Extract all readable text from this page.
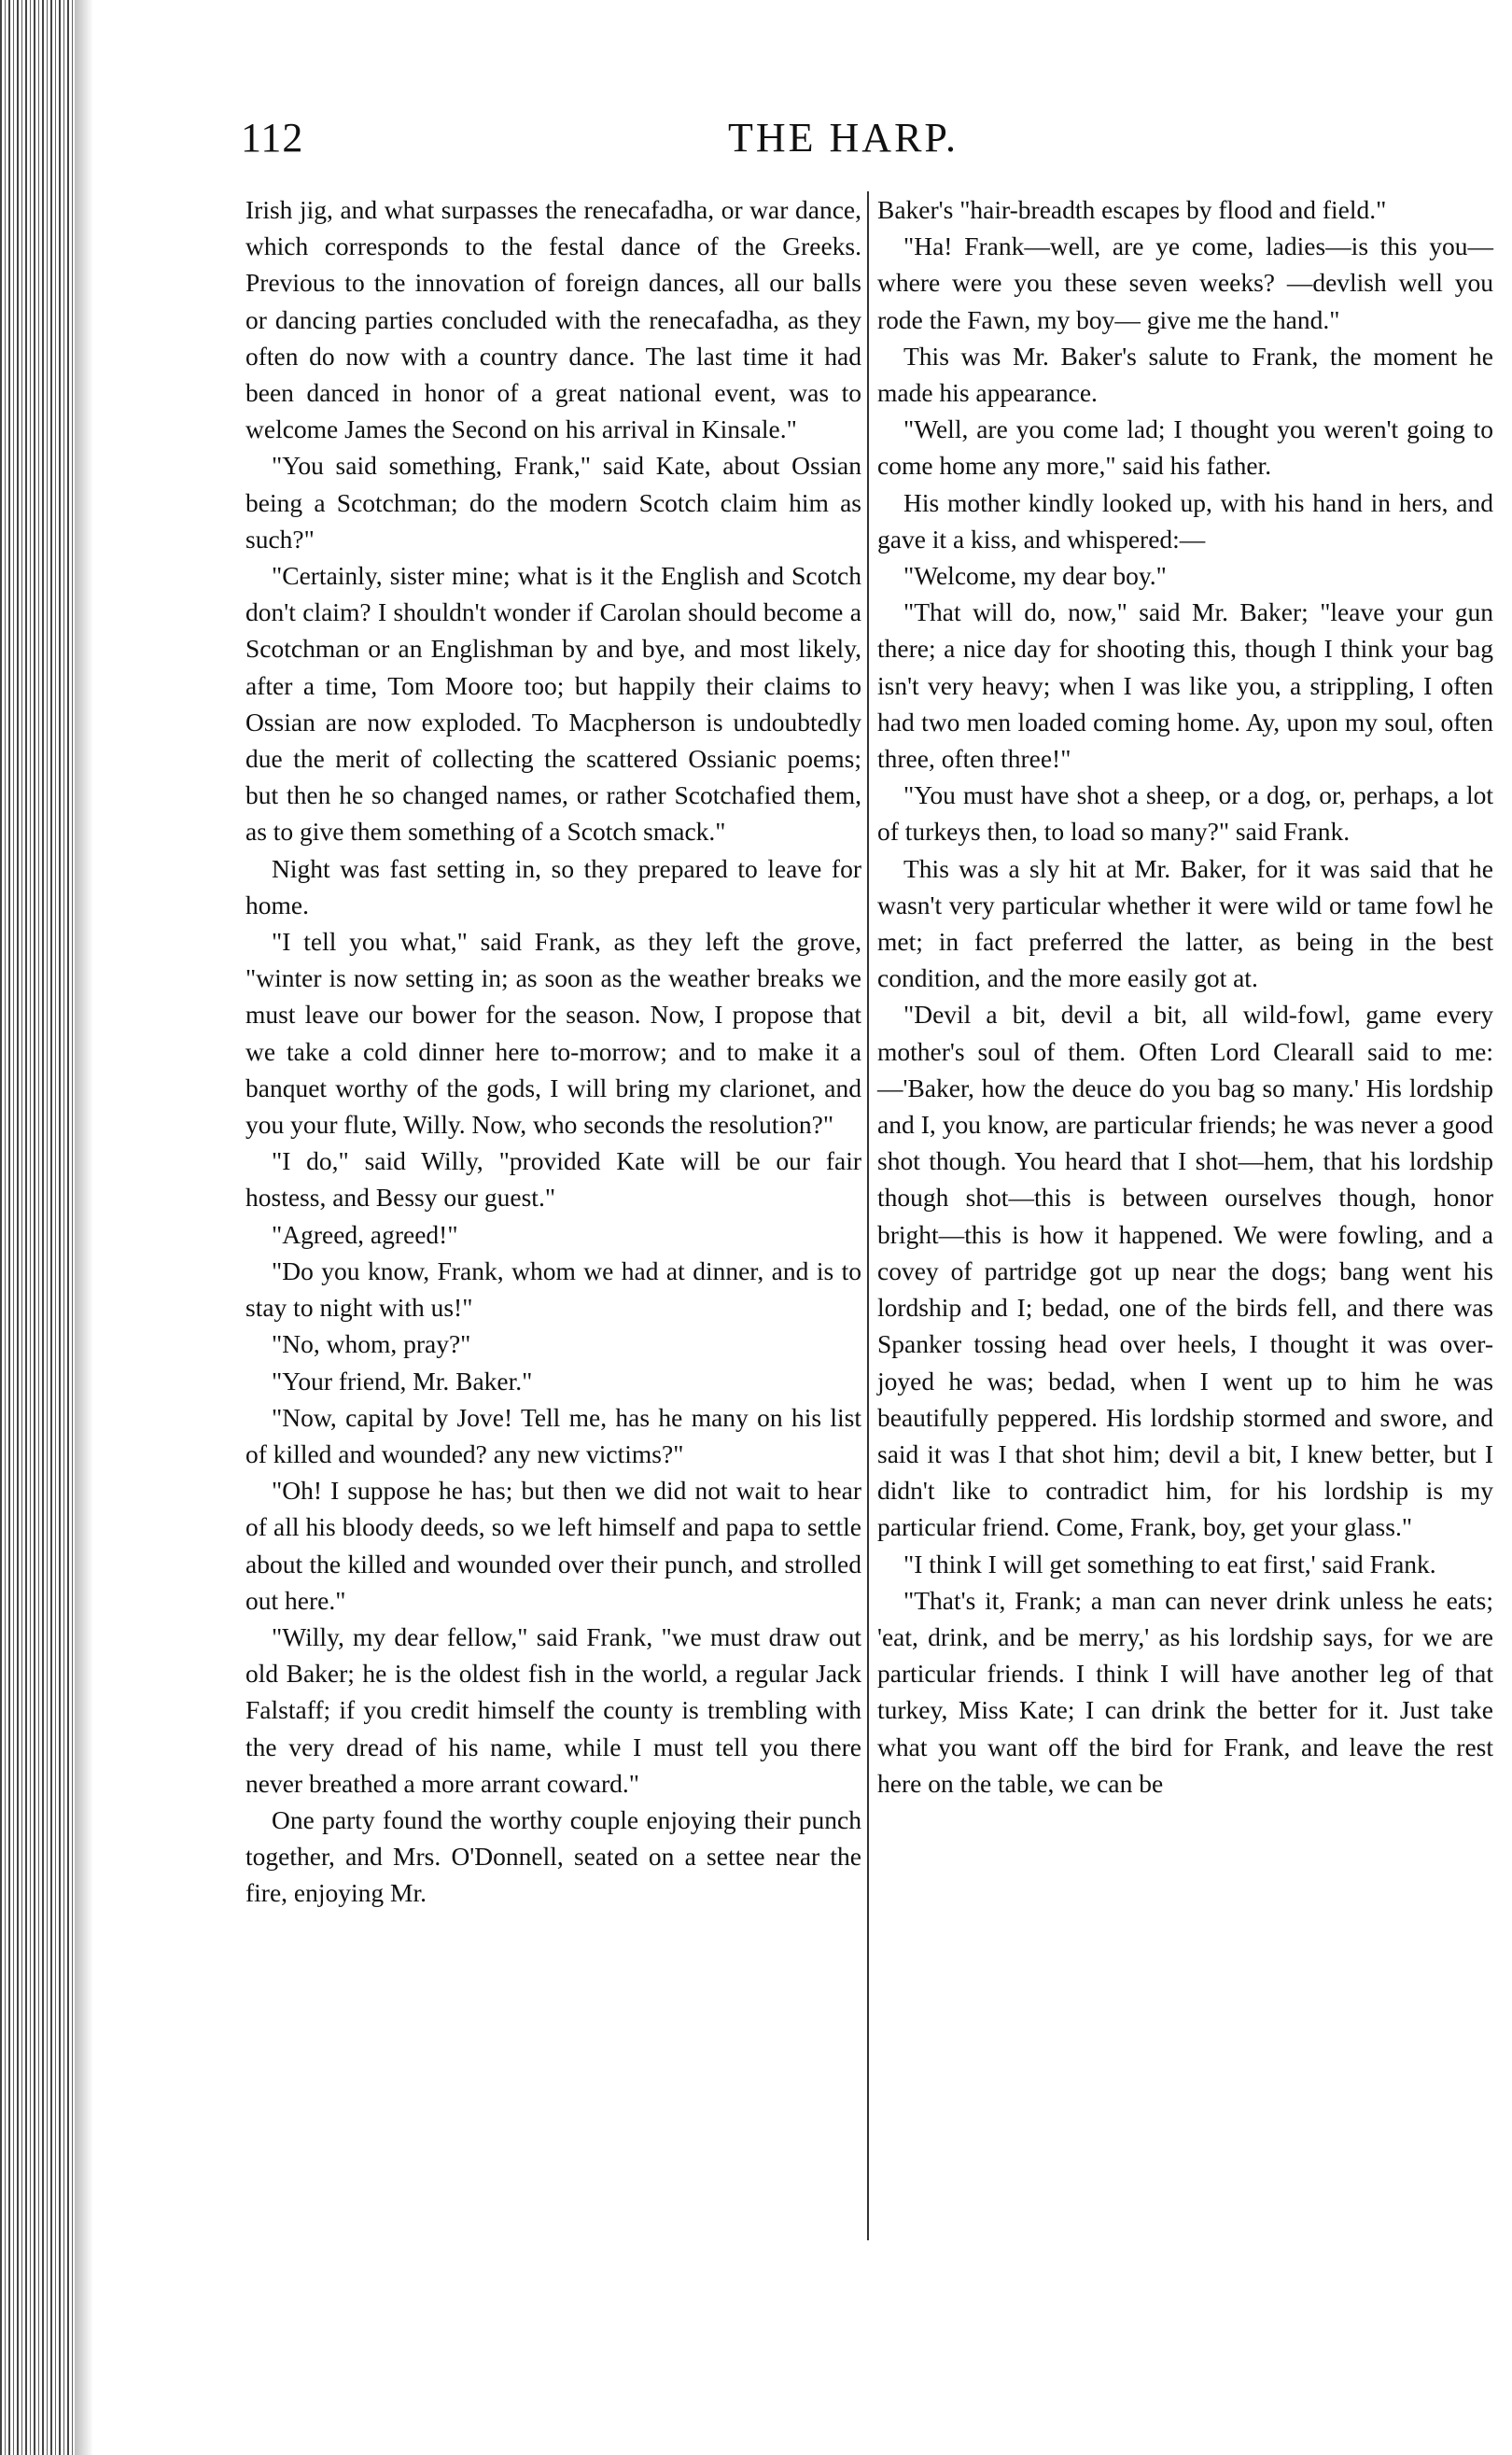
112	THE HARP.

Irish jig, and what surpasses the renecafadha, or war dance, which corresponds to the festal dance of the Greeks. Previous to the innovation of foreign dances, all our balls or dancing parties concluded with the renecafadha, as they often do now with a country dance. The last time it had been danced in honor of a great national event, was to welcome James the Second on his arrival in Kinsale."

"You said something, Frank," said Kate, about Ossian being a Scotchman; do the modern Scotch claim him as such?"

"Certainly, sister mine; what is it the English and Scotch don't claim? I shouldn't wonder if Carolan should become a Scotchman or an Englishman by and bye, and most likely, after a time, Tom Moore too; but happily their claims to Ossian are now exploded. To Macpherson is undoubtedly due the merit of collecting the scattered Ossianic poems; but then he so changed names, or rather Scotchafied them, as to give them something of a Scotch smack."

Night was fast setting in, so they prepared to leave for home.

"I tell you what," said Frank, as they left the grove, "winter is now setting in; as soon as the weather breaks we must leave our bower for the season. Now, I propose that we take a cold dinner here to-morrow; and to make it a banquet worthy of the gods, I will bring my clarionet, and you your flute, Willy. Now, who seconds the resolution?"

"I do," said Willy, "provided Kate will be our fair hostess, and Bessy our guest."

"Agreed, agreed!"

"Do you know, Frank, whom we had at dinner, and is to stay to night with us!"

"No, whom, pray?"

"Your friend, Mr. Baker."

"Now, capital by Jove! Tell me, has he many on his list of killed and wounded? any new victims?"

"Oh! I suppose he has; but then we did not wait to hear of all his bloody deeds, so we left himself and papa to settle about the killed and wounded over their punch, and strolled out here."

"Willy, my dear fellow," said Frank, "we must draw out old Baker; he is the oldest fish in the world, a regular Jack Falstaff; if you credit himself the county is trembling with the very dread of his name, while I must tell you there never breathed a more arrant coward."

One party found the worthy couple enjoying their punch together, and Mrs. O'Donnell, seated on a settee near the fire, enjoying Mr.

Baker's "hair-breadth escapes by flood and field."

"Ha! Frank—well, are ye come, ladies—is this you—where were you these seven weeks? —devlish well you rode the Fawn, my boy— give me the hand."

This was Mr. Baker's salute to Frank, the moment he made his appearance.

"Well, are you come lad; I thought you weren't going to come home any more," said his father.

His mother kindly looked up, with his hand in hers, and gave it a kiss, and whispered:—

"Welcome, my dear boy."

"That will do, now," said Mr. Baker; "leave your gun there; a nice day for shooting this, though I think your bag isn't very heavy; when I was like you, a strippling, I often had two men loaded coming home. Ay, upon my soul, often three, often three!"

"You must have shot a sheep, or a dog, or, perhaps, a lot of turkeys then, to load so many?" said Frank.

This was a sly hit at Mr. Baker, for it was said that he wasn't very particular whether it were wild or tame fowl he met; in fact preferred the latter, as being in the best condition, and the more easily got at.

"Devil a bit, devil a bit, all wild-fowl, game every mother's soul of them. Often Lord Clearall said to me:—'Baker, how the deuce do you bag so many.' His lordship and I, you know, are particular friends; he was never a good shot though. You heard that I shot—hem, that his lordship though shot—this is between ourselves though, honor bright—this is how it happened. We were fowling, and a covey of partridge got up near the dogs; bang went his lordship and I; bedad, one of the birds fell, and there was Spanker tossing head over heels, I thought it was over-joyed he was; bedad, when I went up to him he was beautifully peppered. His lordship stormed and swore, and said it was I that shot him; devil a bit, I knew better, but I didn't like to contradict him, for his lordship is my particular friend. Come, Frank, boy, get your glass."

"I think I will get something to eat first,' said Frank.

"That's it, Frank; a man can never drink unless he eats; 'eat, drink, and be merry,' as his lordship says, for we are particular friends. I think I will have another leg of that turkey, Miss Kate; I can drink the better for it. Just take what you want off the bird for Frank, and leave the rest here on the table, we can be
